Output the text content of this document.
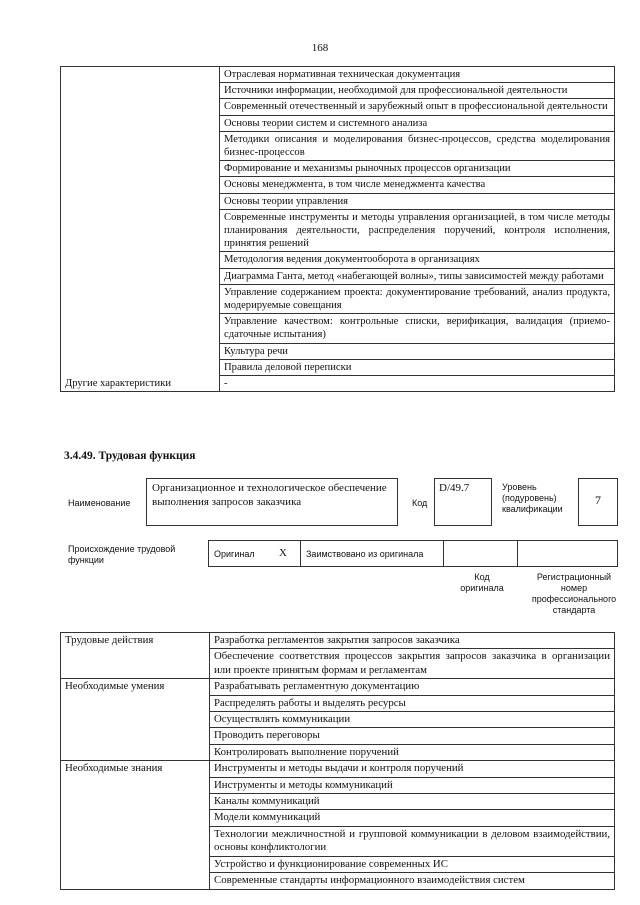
168
	Отраслевая нормативная техническая документация
	Источники информации, необходимой для профессиональной деятельности
	Современный отечественный и зарубежный опыт в профессиональной деятельности
	Основы теории систем и системного анализа
	Методики описания и моделирования бизнес-процессов, средства моделирования бизнес-процессов
	Формирование и механизмы рыночных процессов организации
	Основы менеджмента, в том числе менеджмента качества
	Основы теории управления
	Современные инструменты и методы управления организацией, в том числе методы планирования деятельности, распределения поручений, контроля исполнения, принятия решений
	Методология ведения документооборота в организациях
	Диаграмма Ганта, метод «набегающей волны», типы зависимостей между работами
	Управление содержанием проекта: документирование требований, анализ продукта, модерируемые совещания
	Управление качеством: контрольные списки, верификация, валидация (приемо-сдаточные испытания)
	Культура речи
	Правила деловой переписки
Другие характеристики	-
3.4.49. Трудовая функция
Наименование
Организационное и технологическое обеспечение выполнения запросов заказчика	Код
D/49.7	Уровень (подуровень) квалификации
7
Происхождение трудовой функции
Оригинал X Заимствовано из оригинала
Код оригинала
Регистрационный номер профессионального стандарта
Трудовые действия	Разработка регламентов закрытия запросов заказчика
	Обеспечение соответствия процессов закрытия запросов заказчика в организации или проекте принятым формам и регламентам
Необходимые умения	Разрабатывать регламентную документацию
	Распределять работы и выделять ресурсы
	Осуществлять коммуникации
	Проводить переговоры
	Контролировать выполнение поручений
Необходимые знания	Инструменты и методы выдачи и контроля поручений
	Инструменты и методы коммуникаций
	Каналы коммуникаций
	Модели коммуникаций
	Технологии межличностной и групповой коммуникации в деловом взаимодействии, основы конфликтологии
	Устройство и функционирование современных ИС
	Современные стандарты информационного взаимодействия систем
